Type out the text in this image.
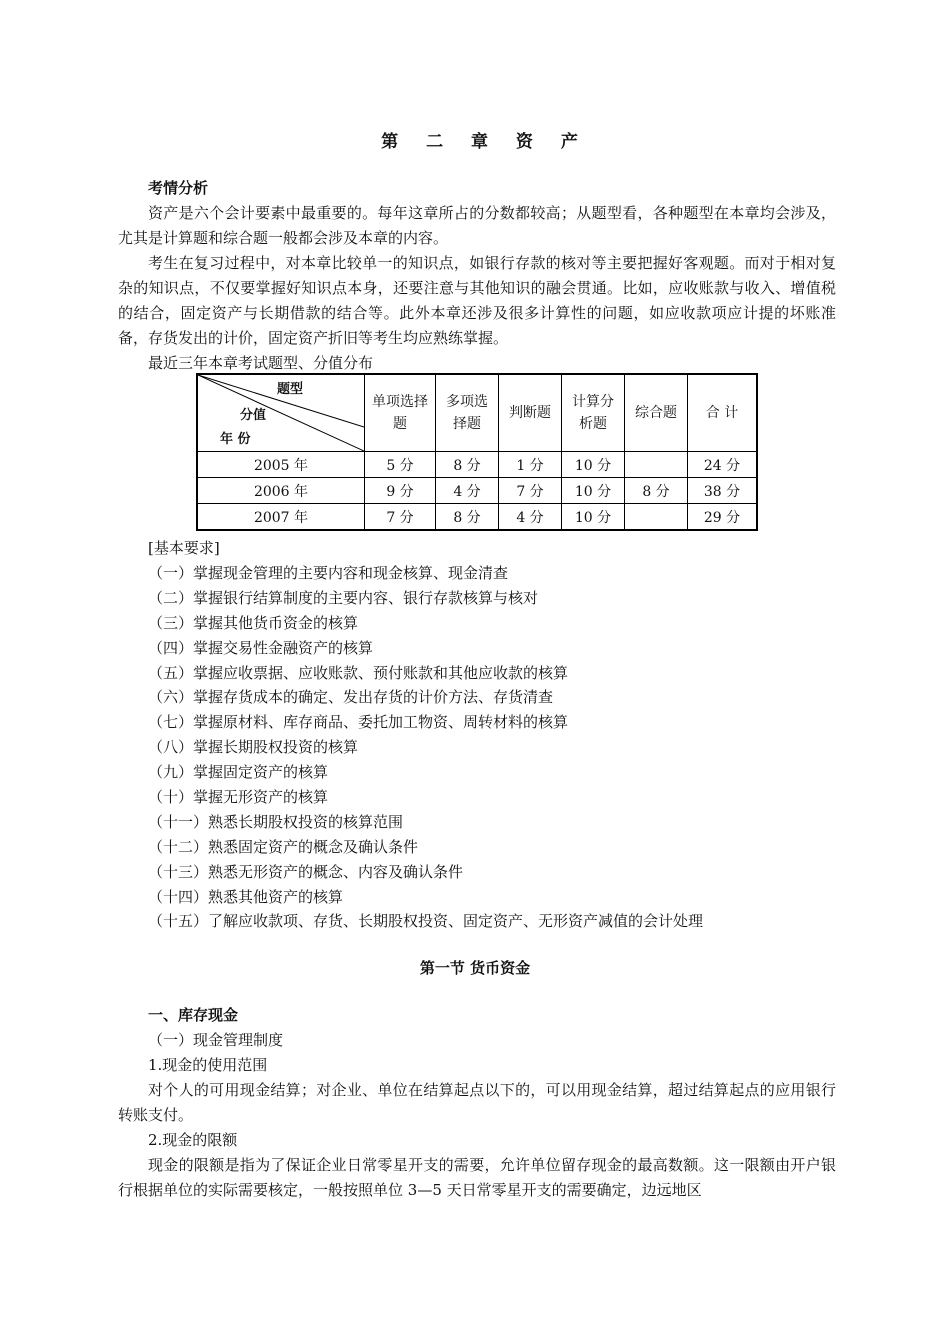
第 二 章 资 产
考情分析
资产是六个会计要素中最重要的。每年这章所占的分数都较高；从题型看，各种题型在本章均会涉及，尤其是计算题和综合题一般都会涉及本章的内容。
考生在复习过程中，对本章比较单一的知识点，如银行存款的核对等主要把握好客观题。而对于相对复杂的知识点，不仅要掌握好知识点本身，还要注意与其他知识的融会贯通。比如，应收账款与收入、增值税的结合，固定资产与长期借款的结合等。此外本章还涉及很多计算性的问题，如应收款项应计提的坏账准备，存货发出的计价，固定资产折旧等考生均应熟练掌握。
最近三年本章考试题型、分值分布
题型
分值
年 份	单项选择题	多项选择题	判断题	计算分析题	综合题	合 计
2005 年	5 分	8 分	1 分	10 分		24 分
2006 年	9 分	4 分	7 分	10 分	8 分	38 分
2007 年	7 分	8 分	4 分	10 分		29 分
[基本要求]
（一）掌握现金管理的主要内容和现金核算、现金清查
（二）掌握银行结算制度的主要内容、银行存款核算与核对
（三）掌握其他货币资金的核算
（四）掌握交易性金融资产的核算
（五）掌握应收票据、应收账款、预付账款和其他应收款的核算
（六）掌握存货成本的确定、发出存货的计价方法、存货清查
（七）掌握原材料、库存商品、委托加工物资、周转材料的核算
（八）掌握长期股权投资的核算
（九）掌握固定资产的核算
（十）掌握无形资产的核算
（十一）熟悉长期股权投资的核算范围
（十二）熟悉固定资产的概念及确认条件
（十三）熟悉无形资产的概念、内容及确认条件
（十四）熟悉其他资产的核算
（十五）了解应收款项、存货、长期股权投资、固定资产、无形资产减值的会计处理
第一节 货币资金
一、库存现金
（一）现金管理制度
1.现金的使用范围
对个人的可用现金结算；对企业、单位在结算起点以下的，可以用现金结算，超过结算起点的应用银行转账支付。
2.现金的限额
现金的限额是指为了保证企业日常零星开支的需要，允许单位留存现金的最高数额。这一限额由开户银行根据单位的实际需要核定，一般按照单位 3—5 天日常零星开支的需要确定，边远地区
